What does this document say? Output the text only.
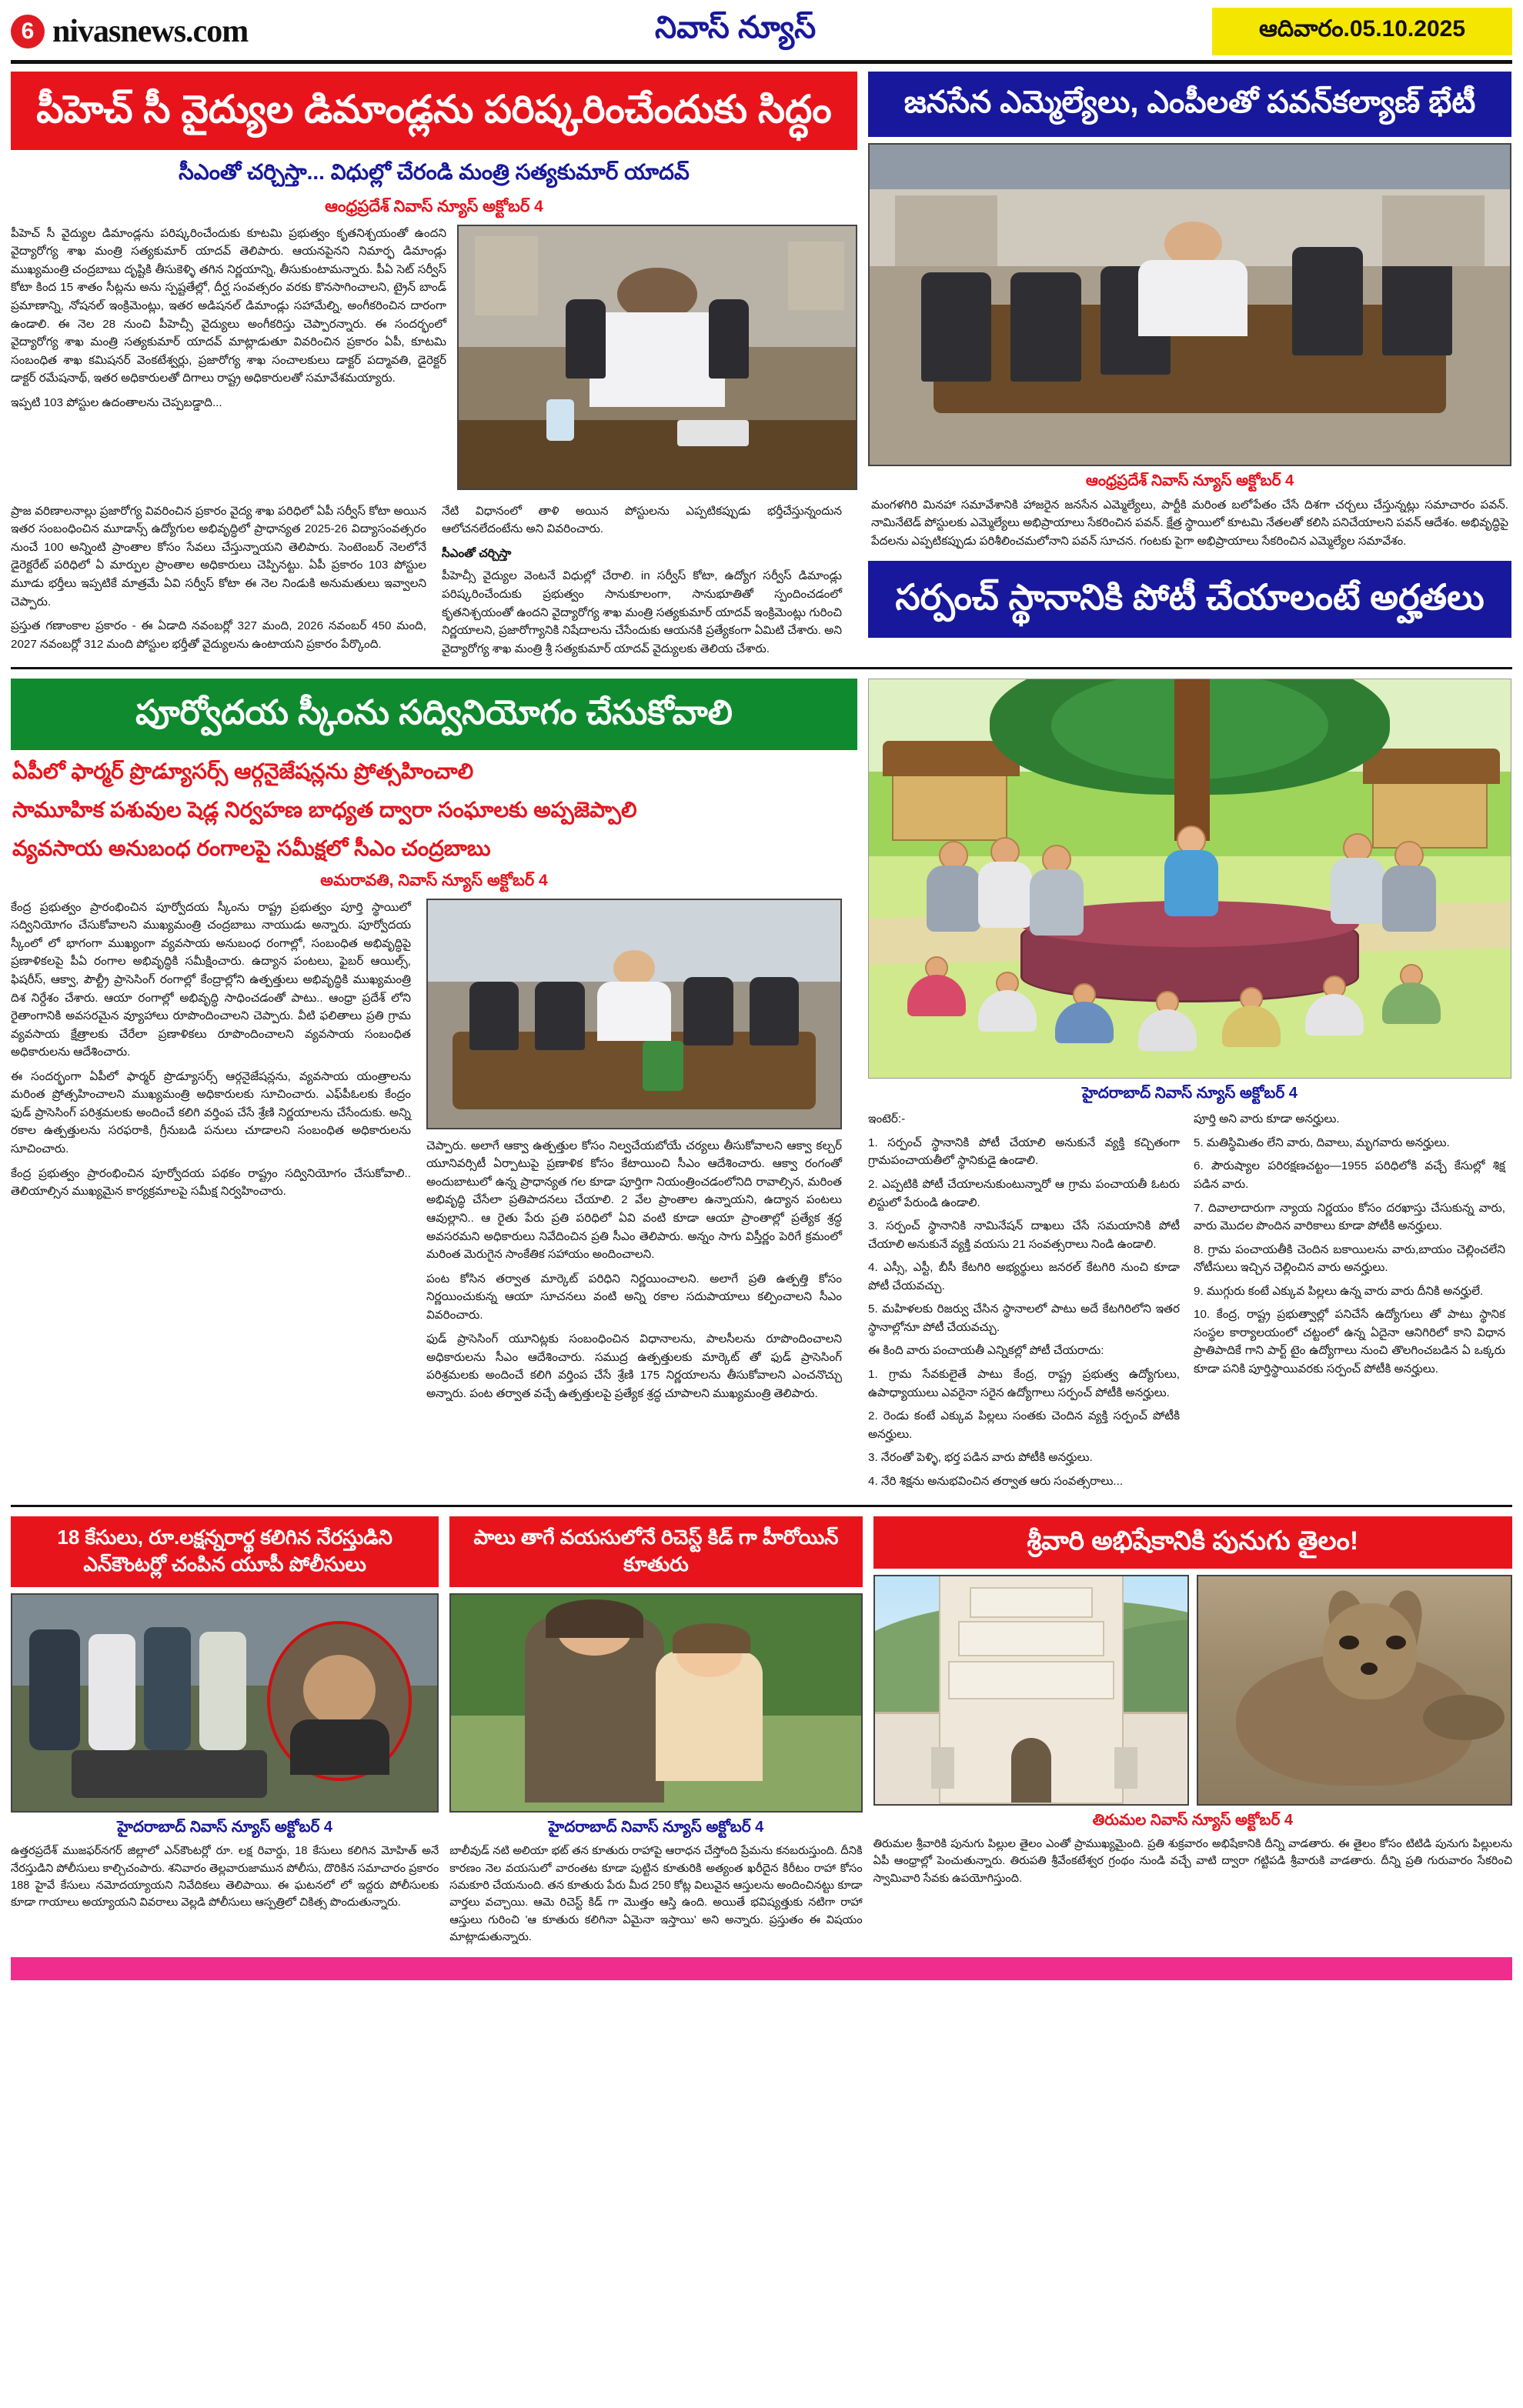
6 nivasnews.com	నివాస్ న్యూస్	ఆదివారం.05.10.2025
పీహెచ్ సీ వైద్యుల డిమాండ్లను పరిష్కరించేందుకు సిద్ధం
సీఎంతో చర్చిస్తా... విధుల్లో చేరండి మంత్రి సత్యకుమార్ యాదవ్
ఆంధ్రప్రదేశ్ నివాస్ న్యూస్ అక్టోబర్ 4
పీహెచ్ సీ వైద్యుల డిమాండ్లను పరిష్కరించేందుకు కూటమి ప్రభుత్వం కృతనిశ్చయంతో ఉందని వైద్యారోగ్య శాఖ మంత్రి సత్యకుమార్ యాదవ్ తెలిపారు. ఆయనపైనని నిమార్ఫ డిమాండ్లు ముఖ్యమంత్రి చంద్రబాబు దృష్టికి తీసుకెళ్ళి తగిన నిర్ణయాన్ని, తీసుకుంటామన్నారు. పీఏ సెట్ సర్వీస్ కోటా కింద 15 శాతం సీట్లను అను స్పష్టతేల్లో, దీర్ఘ సంవత్సరం వరకు కొనసాగించాలని, ట్రైన్ బాండ్ ప్రమాణాన్ని, నోషనల్ ఇంక్రిమెంట్లు, ఇతర అడిషనల్ డిమాండ్లు సహామేల్ని, అంగీకరించిన దారంగా ఉండాలి. ఈ నెల 28 నుంచి పీహెచ్సీ వైద్యులు అంగీకరిస్తు చెప్పారన్నారు. ఈ సందర్భంలో వైద్యారోగ్య శాఖ మంత్రి సత్యకుమార్ యాదవ్ మాట్లాడుతూ వివరించిన ప్రకారం ఏపీ, కూటమి సంబంధిత శాఖ కమిషనర్ వెంకటేశ్వర్లు, ప్రజారోగ్య శాఖ సంచాలకులు డాక్టర్ పద్మావతి, డైరెక్టర్ డాక్టర్ రమేషనాథ్, ఇతర అధికారులతో దిగాలు రాష్ట్ర అధికారులతో సమావేశమయ్యారు.
ఇప్పటి 103 పోస్టుల ఉదంతాలను చెప్పబడ్డాది...
ప్రాజ వరిణాలనాల్లు ప్రజారోగ్య వివరించిన ప్రకారం వైద్య శాఖ పరిధిలో ఏపీ సర్వీస్ కోటా అయిన ఇతర సంబంధించిన మూడాన్స్ ఉద్యోగుల అభివృద్ధిలో ప్రాధాన్యత 2025-26 విద్యాసంవత్సరం నుంచే 100 అన్నింటి ప్రాంతాల కోసం సేవలు చేస్తున్నాయని తెలిపారు. సెంటెంబర్ నెలలోనే డైరెక్టరేట్ పరిధిలో ఏ మార్పుల ప్రాంతాల అధికారులు చెప్పినట్టు. ఏపీ ప్రకారం 103 పోస్టుల మూడు భర్తీలు ఇప్పటికే మాత్రమే ఏవి సర్వీస్ కోటా ఈ నెల నిండుకి అనుమతులు ఇవ్వాలని చెప్పారు.
ప్రస్తుత గణాంకాల ప్రకారం - ఈ ఏడాది నవంబర్లో 327 మంది, 2026 నవంబర్ 450 మంది, 2027 నవంబర్లో 312 మంది పోస్టుల భర్తీతో వైద్యులను ఉంటాయని ప్రకారం పేర్కొంది.
నేటి విధానంలో తాళి అయిన పోస్టులను ఎప్పటికప్పుడు భర్తీచేస్తున్నందున ఆలోచనలేదంటేను అని వివరించారు.
సీఎంతో చర్చిస్తా
పీహెచ్సీ వైద్యుల వెంటనే విధుల్లో చేరాలి. in సర్వీస్ కోటా, ఉద్యోగ సర్వీస్ డిమాండ్లు పరిష్కరించేందుకు ప్రభుత్వం సానుకూలంగా, సానుభూతితో స్పందించడంలో కృతనిశ్చయంతో ఉందని వైద్యారోగ్య శాఖ మంత్రి సత్యకుమార్ యాదవ్ ఇంక్రిమెంట్లు గురించి నిర్ణయాలని, ప్రజారోగ్యానికి నిషేదాలను చేసేందుకు ఆయనకి ప్రత్యేకంగా ఏమిటి చేశారు. అని వైద్యారోగ్య శాఖ మంత్రి శ్రీ సత్యకుమార్ యాదవ్ వైద్యులకు తెలియ చేశారు.
జనసేన ఎమ్మెల్యేలు, ఎంపీలతో పవన్‌కల్యాణ్ భేటీ
ఆంధ్రప్రదేశ్ నివాస్ న్యూస్ అక్టోబర్ 4
మంగళగిరి మినహా సమావేశానికి హాజరైన జనసేన ఎమ్మెల్యేలు, పార్టీకి మరింత బలోపేతం చేసే దిశగా చర్చలు చేస్తున్నట్లు సమాచారం పవన్. నామినేటెడ్ పోస్టులకు ఎమ్మెల్యేలు అభిప్రాయాలు సేకరించిన పవన్. క్షేత్ర స్థాయిలో కూటమి నేతలతో కలిసి పనిచేయాలని పవన్ ఆదేశం. అభివృద్ధిపై పేదలను ఎప్పటికప్పుడు పరిశీలించమలో‌నాని పవన్ సూచన. గంటకు పైగా అభిప్రాయాలు సేకరించిన ఎమ్మెల్యేల సమావేశం.
సర్పంచ్ స్థానానికి పోటీ చేయాలంటే అర్హతలు
పూర్వోదయ స్కీంను సద్వినియోగం చేసుకోవాలి
ఏపీలో ఫార్మర్ ప్రొడ్యూసర్స్ ఆర్గనైజేషన్లను ప్రోత్సహించాలి
సామూహిక పశువుల షెడ్ల నిర్వహణ బాధ్యత ద్వారా సంఘాలకు అప్పజెప్పాలి
వ్యవసాయ అనుబంధ రంగాలపై సమీక్షలో సీఎం చంద్రబాబు
అమరావతి, నివాస్ న్యూస్ అక్టోబర్ 4
కేంద్ర ప్రభుత్వం ప్రారంభించిన పూర్వోదయ స్కీంను రాష్ట్ర ప్రభుత్వం పూర్తి స్థాయిలో సద్వినియోగం చేసుకోవాలని ముఖ్యమంత్రి చంద్రబాబు నాయుడు అన్నారు. పూర్వోదయ స్కీంలో లో భాగంగా ముఖ్యంగా వ్యవసాయ అనుబంధ రంగాల్లో, సంబంధిత అభివృద్ధిపై ప్రణాళికలపై పీఏ రంగాల అభివృద్ధికి సమీక్షించారు. ఉద్యాన పంటలు, ఫైబర్ ఆయిల్స్, ఫిషరీస్, ఆక్వా, పౌల్ట్రీ ప్రాసెసింగ్ రంగాల్లో కేంద్రాల్లోని ఉత్పత్తులు అభివృద్ధికి ముఖ్యమంత్రి దిశ నిర్దేశం చేశారు. ఆయా రంగాల్లో అభివృద్ధి సాధించడంతో పాటు.. ఆంధ్రా ప్రదేశ్ లోని రైతాంగానికి అవసరమైన వ్యూహాలు రూపొందించాలని చెప్పారు. వీటి ఫలితాలు ప్రతి గ్రామ వ్యవసాయ క్షేత్రాలకు చేరేలా ప్రణాళికలు రూపొందించాలని వ్యవసాయ సంబంధిత అధికారులను ఆదేశించారు.
ఈ సందర్భంగా ఏపీలో ఫార్మర్ ప్రొడ్యూసర్స్ ఆర్గనైజేషన్లను, వ్యవసాయ యంత్రాలను మరింత ప్రోత్సహించాలని ముఖ్యమంత్రి అధికారులకు సూచించారు. ఎఫ్‌పీఓలకు కేంద్రం ఫుడ్ ప్రాసెసింగ్ పరిశ్రమలకు అందించే కలిగి వర్తింప చేసే శ్రేణి నిర్ణయాలను చేసేందుకు. అన్ని రకాల ఉత్పత్తులను సరఫరాకి, గ్రీనుబడి పనులు చూడాలని సంబంధిత అధికారులను సూచించారు.
కేంద్ర ప్రభుత్వం ప్రారంభించిన పూర్వోదయ పథకం రాష్ట్రం సద్వినియోగం చేసుకోవాలి.. తెలియాల్సిన ముఖ్యమైన కార్యక్రమాలపై సమీక్ష నిర్వహించారు.
చెప్పారు. అలాగే ఆక్వా ఉత్పత్తుల కోసం నిల్వచేయబోయే చర్యలు తీసుకోవాలని ఆక్వా కల్చర్ యూనివర్సిటీ ఏర్పాటుపై ప్రణాళిక కోసం కేటాయించి సీఎం ఆదేశించారు. ఆక్వా రంగంతో అందుబాటులో ఉన్న ప్రాధాన్యత గల కూడా పూర్తిగా నియంత్రించడంలోనిది రావాల్సిన, మరింత అభివృద్ధి చేసేలా ప్రతిపాదనలు చేయాలి. 2 వేల ప్రాంతాల ఉన్నాయని, ఉద్యాన పంటలు ఆవుల్లాని.. ఆ రైతు పేరు ప్రతి పరిధిలో ఏవి వంటి కూడా ఆయా ప్రాంతాల్లో ప్రత్యేక శ్రద్ధ అవసరమని అధికారులు నివేదించిన ప్రతి సీఎం తెలిపారు. అన్నం సాగు విస్తీర్ణం పెరిగే క్రమంలో మరింత మెరుగైన సాంకేతిక సహాయం అందించాలని.
పంట కోసిన తర్వాత మార్కెట్ పరిధిని నిర్ణయించాలని. అలాగే ప్రతి ఉత్పత్తి కోసం నిర్ణయించుకున్న ఆయా సూచనలు వంటి అన్ని రకాల సదుపాయాలు కల్పించాలని సీఎం వివరించారు.
ఫుడ్ ప్రాసెసింగ్ యూనిట్లకు సంబంధించిన విధానాలను, పాలసీలను రూపొందించాలని అధికారులను సీఎం ఆదేశించారు. సముద్ర ఉత్పత్తులకు మార్కెట్ తో ఫుడ్ ప్రాసెసింగ్ పరిశ్రమలకు అందించే కలిగి వర్తింప చేసే శ్రేణి 175 నిర్ణయాలను తీసుకోవాలని ఎంచనొచ్చు అన్నారు. పంట తర్వాత వచ్చే ఉత్పత్తులపై ప్రత్యేక శ్రద్ధ చూపాలని ముఖ్యమంత్రి తెలిపారు.
హైదరాబాద్ నివాస్ న్యూస్ అక్టోబర్ 4

ఇంటెర్:-

1. సర్పంచ్ స్థానానికి పోటీ చేయాలి అనుకునే వ్యక్తి కచ్చితంగా గ్రామపంచాయతీలో స్థానికుడై ఉండాలి.

2. ఎప్పటికి పోటీ చేయాలనుకుంటున్నారో ఆ గ్రామ పంచాయతీ ఓటరు లిస్టులో పేరుండి ఉండాలి.

3. సర్పంచ్ స్థానానికి నామినేషన్ దాఖలు చేసే సమయానికి పోటీ చేయాలి అనుకునే వ్యక్తి వయసు 21 సంవత్సరాలు నిండి ఉండాలి.

4. ఎస్సీ, ఎస్టీ, బీసీ కేటగిరి అభ్యర్థులు జనరల్ కేటగిరి నుంచి కూడా పోటీ చేయవచ్చు.

5. మహిళలకు రిజర్వు చేసిన స్థానాలలో పాటు అదే కేటగిరిలోని ఇతర స్థానాల్లోనూ పోటీ చేయవచ్చు.

ఈ కింది వారు పంచాయతీ ఎన్నికల్లో పోటీ చేయరాదు:

1. గ్రామ సేవకులైతే పాటు కేంద్ర, రాష్ట్ర ప్రభుత్వ ఉద్యోగులు, ఉపాధ్యాయులు ఎవరైనా సరైన ఉద్యోగాలు సర్పంచ్ పోటీకి అనర్హులు.

2. రెండు కంటే ఎక్కువ పిల్లలు సంతకు చెందిన వ్యక్తి సర్పంచ్ పోటీకి అనర్హులు.

3. నేరంతో పెళ్ళి, భర్త పడిన వారు పోటీకి అనర్హులు.

4. నేరి శిక్షను అనుభవించిన తర్వాత ఆరు సంవత్సరాలు...

పూర్తి అని వారు కూడా అనర్హులు.

5. మతిస్థిమితం లేని వారు, దివాలు, మృగవారు అనర్హులు.

6. పౌరుష్యాల పరిరక్షణచట్టం—1955 పరిధిలోకి వచ్చే కేసుల్లో శిక్ష పడిన వారు.

7. దివాలాదారుగా న్యాయ నిర్ణయం కోసం దరఖాస్తు చేసుకున్న వారు, వారు మొదల పొందిన వారికాలు కూడా పోటీకి అనర్హులు.

8. గ్రామ పంచాయతీకి చెందిన బకాయిలను వారు,బాయం చెల్లించలేని నోటీసులు ఇచ్చిన చెల్లించిన వారు అనర్హులు.

9. ముగ్గురు కంటే ఎక్కువ పిల్లలు ఉన్న వారు వారు దీనికి అనర్హులే.

10. కేంద్ర, రాష్ట్ర ప్రభుత్వాల్లో పనిచేసే ఉద్యోగులు తో పాటు స్థానిక సంస్థల కార్యాలయంలో చట్టంలో ఉన్న ఏదైనా ఆనిగిరిలో కాని విధాన ప్రాతిపాదికే గాని పార్ట్ టైం ఉద్యోగాలు నుంచి తొలగించబడిన ఏ ఒక్కరు కూడా పనికి పూర్తిస్థాయివరకు సర్పంచ్ పోటీకి అనర్హులు.

18 కేసులు, రూ.లక్షన్నరార్థ కలిగిన నేరస్తుడిని ఎన్‌కౌంటర్లో చంపిన యూపీ పోలీసులు
హైదరాబాద్ నివాస్ న్యూస్ అక్టోబర్ 4
ఉత్తరప్రదేశ్ ముజఫర్‌నగర్ జిల్లాలో ఎన్‌కౌంటర్లో రూ. లక్ష రివార్డు, 18 కేసులు కలిగిన మోహిత్ అనే నేరస్తుడిని పోలీసులు కాల్చిచంపారు. శనివారం తెల్లవారుజామున పోలీసు, దొరికిన సమాచారం ప్రకారం 188 హైవే కేసులు నమోదయ్యాయని నివేదికలు తెలిపాయి. ఈ ఘటనలో లో ఇద్దరు పోలీసులకు కూడా గాయాలు అయ్యాయని వివరాలు వెల్లడి పోలీసులు ఆస్పత్రిలో చికిత్స పొందుతున్నారు.
పాలు తాగే వయసులోనే రిచెస్ట్ కిడ్ గా హీరోయిన్ కూతురు
హైదరాబాద్ నివాస్ న్యూస్ అక్టోబర్ 4
బాలీవుడ్ నటి అలియా భట్ తన కూతురు రాహాపై ఆరాధన చేస్తోంది ప్రేమను కనబరుస్తుంది. దీనికి కారణం నెల వయసులో వారంతట కూడా పుట్టిన కూతురికి అత్యంత ఖరీదైన కిరీటం రాహా కోసం సమకూరి చేయనుంది. తన కూతురు పేరు మీద 250 కోట్ల విలువైన ఆస్తులను అందించినట్టు కూడా వార్తలు వచ్చాయి. ఆమె రిచెస్ట్ కిడ్ గా మొత్తం ఆస్తి ఉంది. అయితే భవిష్యత్తుకు నటిగా రాహా ఆస్తులు గురించి 'ఆ కూతురు కలిగినా ఏమైనా ఇస్తాయి' అని అన్నారు. ప్రస్తుతం ఈ విషయం మాట్లాడుతున్నారు.
శ్రీవారి అభిషేకానికి పునుగు తైలం!
తిరుమల నివాస్ న్యూస్ అక్టోబర్ 4
తిరుమల శ్రీవారికి పునుగు పిల్లుల తైలం ఎంతో ప్రాముఖ్యమైంది. ప్రతి శుక్రవారం అభిషేకానికి దీన్ని వాడతారు. ఈ తైలం కోసం టిటిడి పునుగు పిల్లులను ఏపీ ఆంధ్రాల్లో పెంచుతున్నారు. తిరుపతి శ్రీవేంకటేశ్వర గ్రంథం నుండి వచ్చే వాటి ద్వారా గట్టిపడి శ్రీవారుకి వాడతారు. దీన్ని ప్రతి గురువారం సేకరించి స్వామివారి సేవకు ఉపయోగిస్తుంది.
